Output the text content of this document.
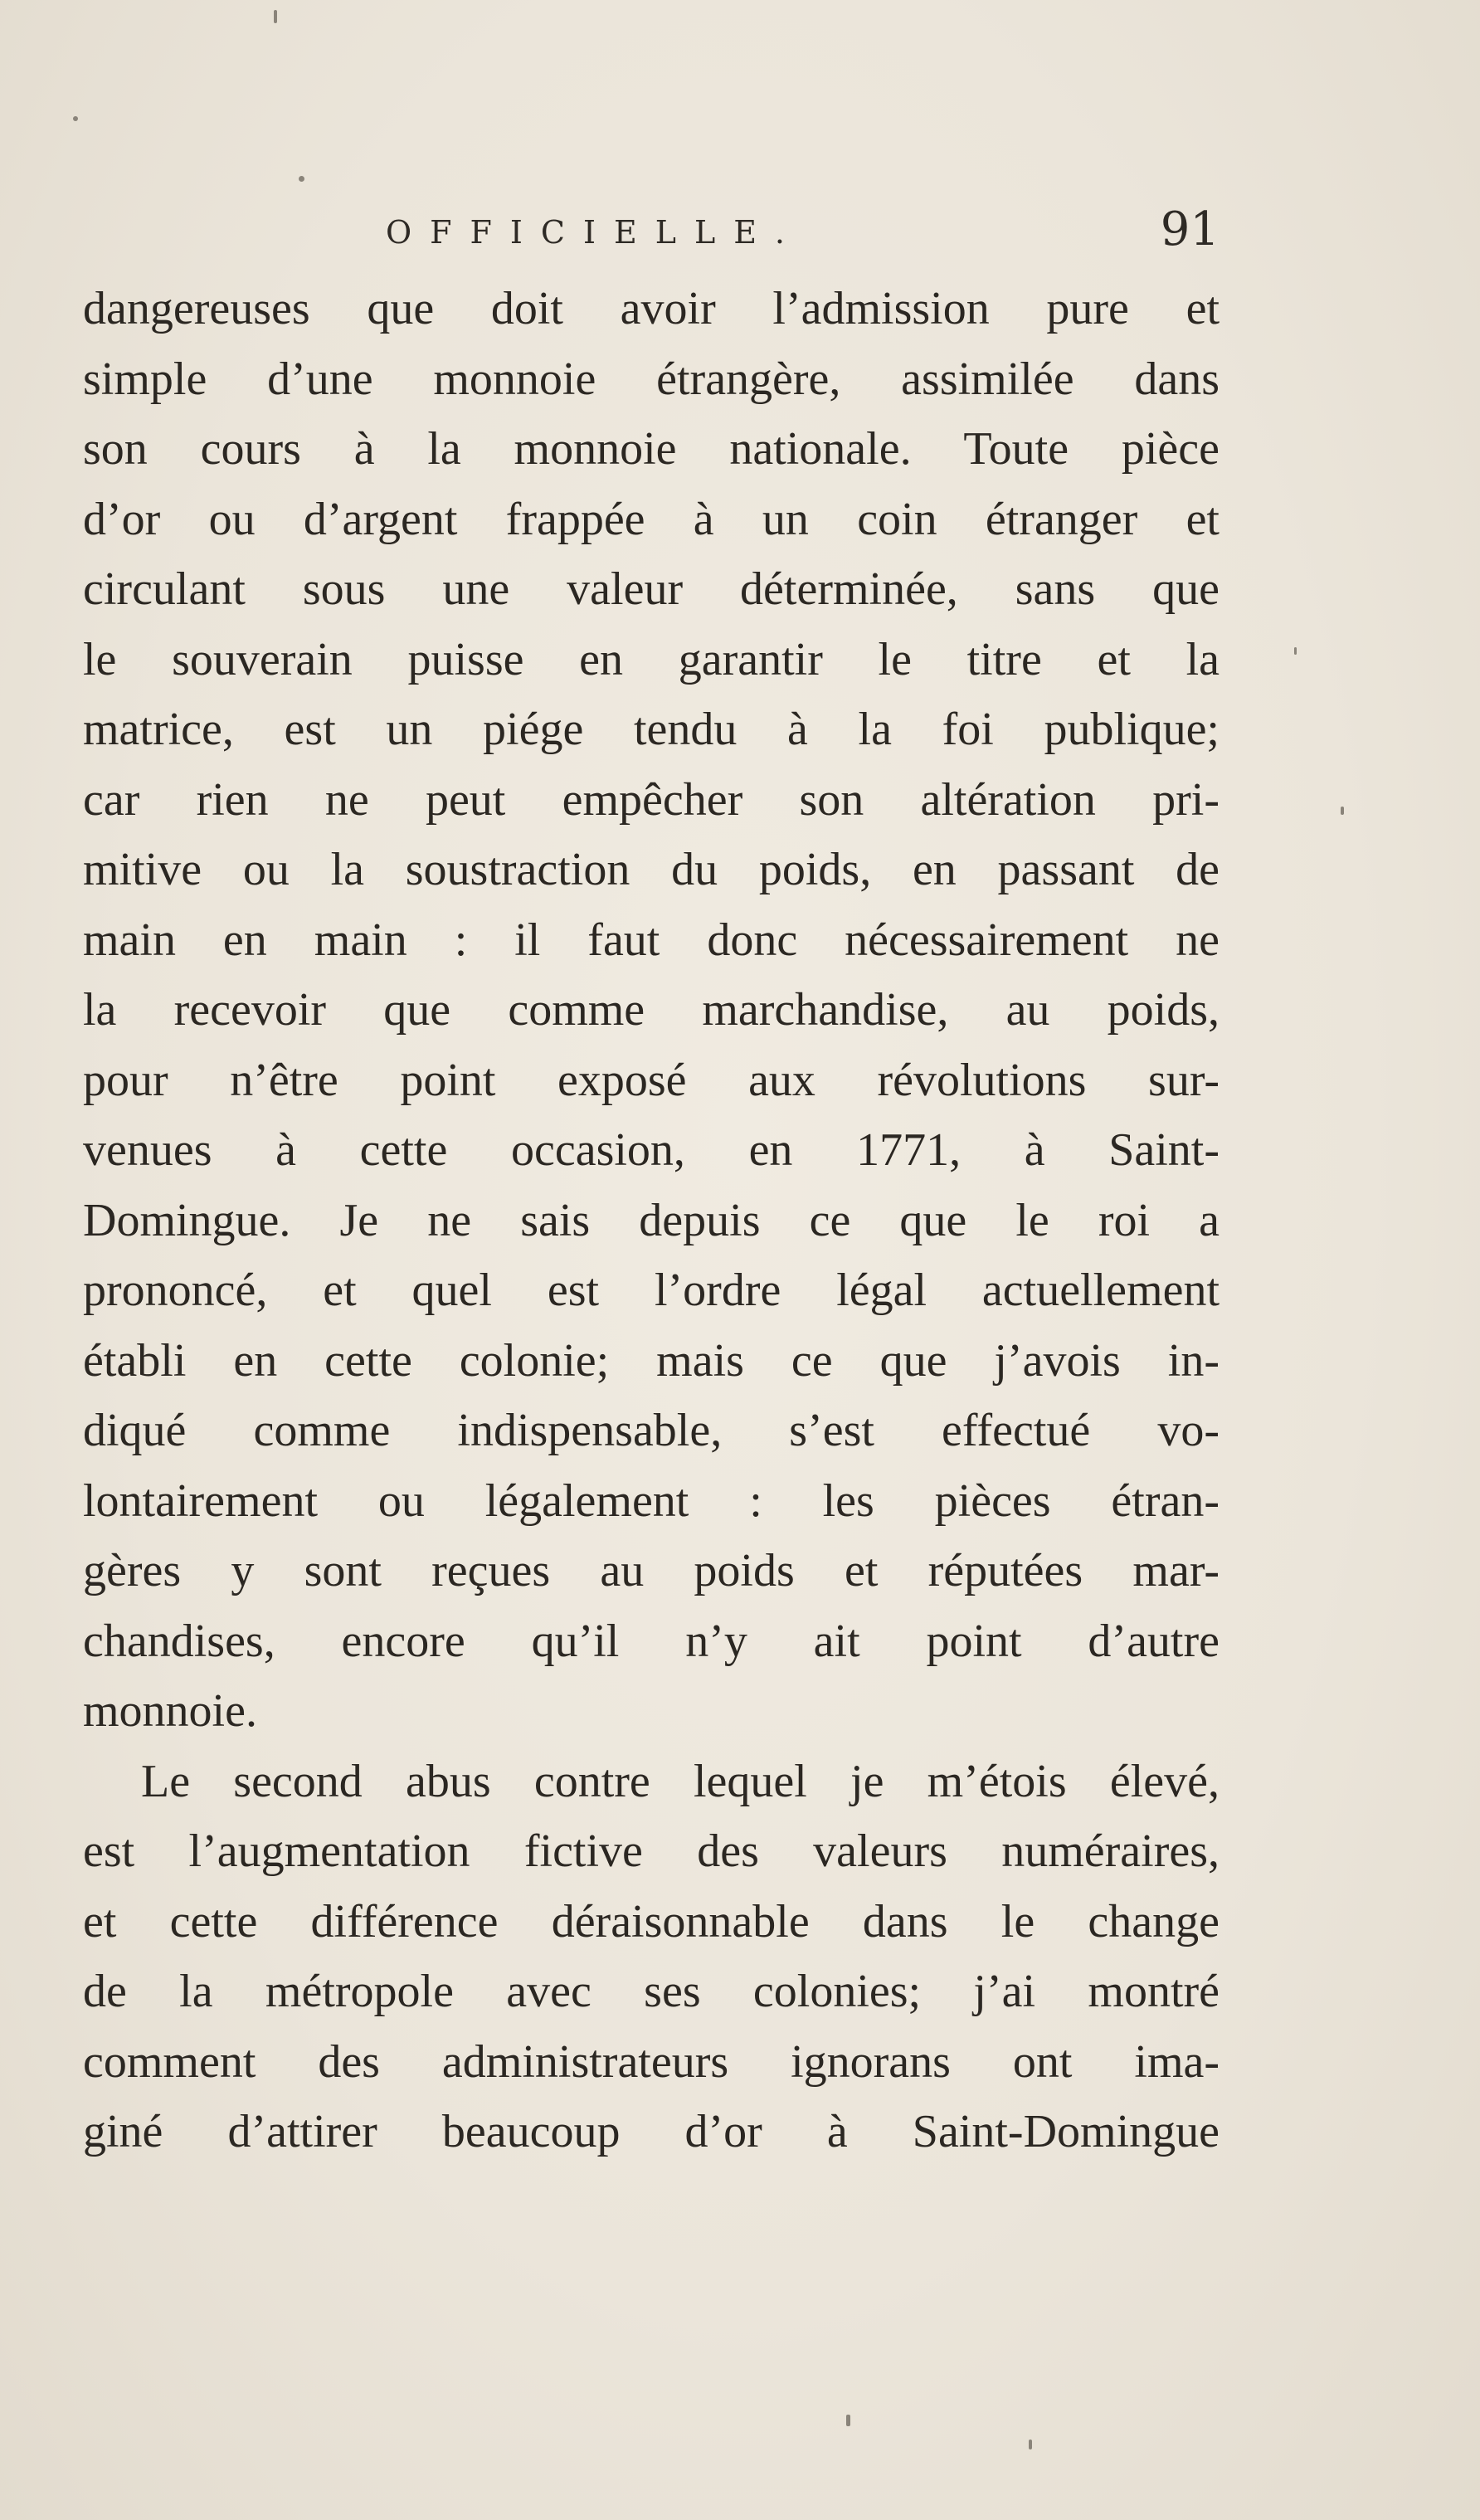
OFFICIELLE.	91

dangereuses que doit avoir l’admission pure et
simple d’une monnoie étrangère, assimilée dans
son cours à la monnoie nationale. Toute pièce
d’or ou d’argent frappée à un coin étranger et
circulant sous une valeur déterminée, sans que
le souverain puisse en garantir le titre et la
matrice, est un piége tendu à la foi publique;
car rien ne peut empêcher son altération pri-
mitive ou la soustraction du poids, en passant de
main en main : il faut donc nécessairement ne
la recevoir que comme marchandise, au poids,
pour n’être point exposé aux révolutions sur-
venues à cette occasion, en 1771, à Saint-
Domingue. Je ne sais depuis ce que le roi a
prononcé, et quel est l’ordre légal actuellement
établi en cette colonie; mais ce que j’avois in-
diqué comme indispensable, s’est effectué vo-
lontairement ou légalement : les pièces étran-
gères y sont reçues au poids et réputées mar-
chandises, encore qu’il n’y ait point d’autre
monnoie.

Le second abus contre lequel je m’étois élevé,
est l’augmentation fictive des valeurs numéraires,
et cette différence déraisonnable dans le change
de la métropole avec ses colonies; j’ai montré
comment des administrateurs ignorans ont ima-
giné d’attirer beaucoup d’or à Saint-Domingue
